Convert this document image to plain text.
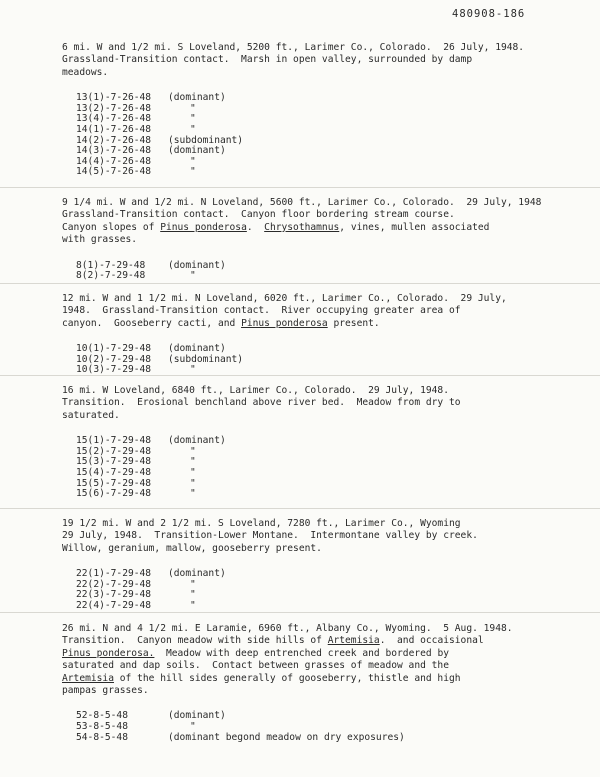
480908-186
6 mi. W and 1/2 mi. S Loveland, 5200 ft., Larimer Co., Colorado.  26 July, 1948.
Grassland-Transition contact.  Marsh in open valley, surrounded by damp
meadows.
13(1)-7-26-48 (dominant)
13(2)-7-26-48	"
13(4)-7-26-48	"
14(1)-7-26-48	"
14(2)-7-26-48 (subdominant)
14(3)-7-26-48 (dominant)
14(4)-7-26-48	"
14(5)-7-26-48	"
9 1/4 mi. W and 1/2 mi. N Loveland, 5600 ft., Larimer Co., Colorado.  29 July, 1948
Grassland-Transition contact.  Canyon floor bordering stream course.
Canyon slopes of Pinus ponderosa.  Chrysothamnus, vines, mullen associated
with grasses.
8(1)-7-29-48 (dominant)
8(2)-7-29-48	"
12 mi. W and 1 1/2 mi. N Loveland, 6020 ft., Larimer Co., Colorado.  29 July,
1948.  Grassland-Transition contact.  River occupying greater area of
canyon.  Gooseberry cacti, and Pinus ponderosa present.
10(1)-7-29-48 (dominant)
10(2)-7-29-48 (subdominant)
10(3)-7-29-48	"
16 mi. W Loveland, 6840 ft., Larimer Co., Colorado.  29 July, 1948.
Transition.  Erosional benchland above river bed.  Meadow from dry to
saturated.
15(1)-7-29-48 (dominant)
15(2)-7-29-48	"
15(3)-7-29-48	"
15(4)-7-29-48	"
15(5)-7-29-48	"
15(6)-7-29-48	"
19 1/2 mi. W and 2 1/2 mi. S Loveland, 7280 ft., Larimer Co., Wyoming
29 July, 1948.  Transition-Lower Montane.  Intermontane valley by creek.
Willow, geranium, mallow, gooseberry present.
22(1)-7-29-48 (dominant)
22(2)-7-29-48	"
22(3)-7-29-48	"
22(4)-7-29-48	"
26 mi. N and 4 1/2 mi. E Laramie, 6960 ft., Albany Co., Wyoming.  5 Aug. 1948.
Transition.  Canyon meadow with side hills of Artemisia.  and occaisional
Pinus ponderosa.  Meadow with deep entrenched creek and bordered by
saturated and dap soils.  Contact between grasses of meadow and the
Artemisia of the hill sides generally of gooseberry, thistle and high
pampas grasses.
52-8-5-48	(dominant)
53-8-5-48	"
54-8-5-48	(dominant begond meadow on dry exposures)
